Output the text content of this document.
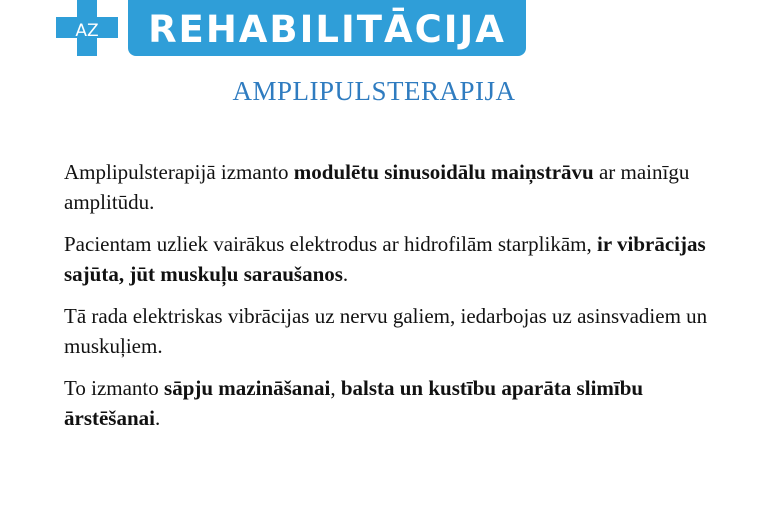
AZ REHABILITĀCIJA
AMPLIPULSTERAPIJA

Amplipulsterapijā izmanto modulētu sinusoidālu maiņstrāvu ar mainīgu amplitūdu.

Pacientam uzliek vairākus elektrodus ar hidrofilām starplikām, ir vibrācijas sajūta, jūt muskuļu saraušanos.

Tā rada elektriskas vibrācijas uz nervu galiem, iedarbojas uz asinsvadiem un muskuļiem.

To izmanto sāpju mazināšanai, balsta un kustību aparāta slimību ārstēšanai.
